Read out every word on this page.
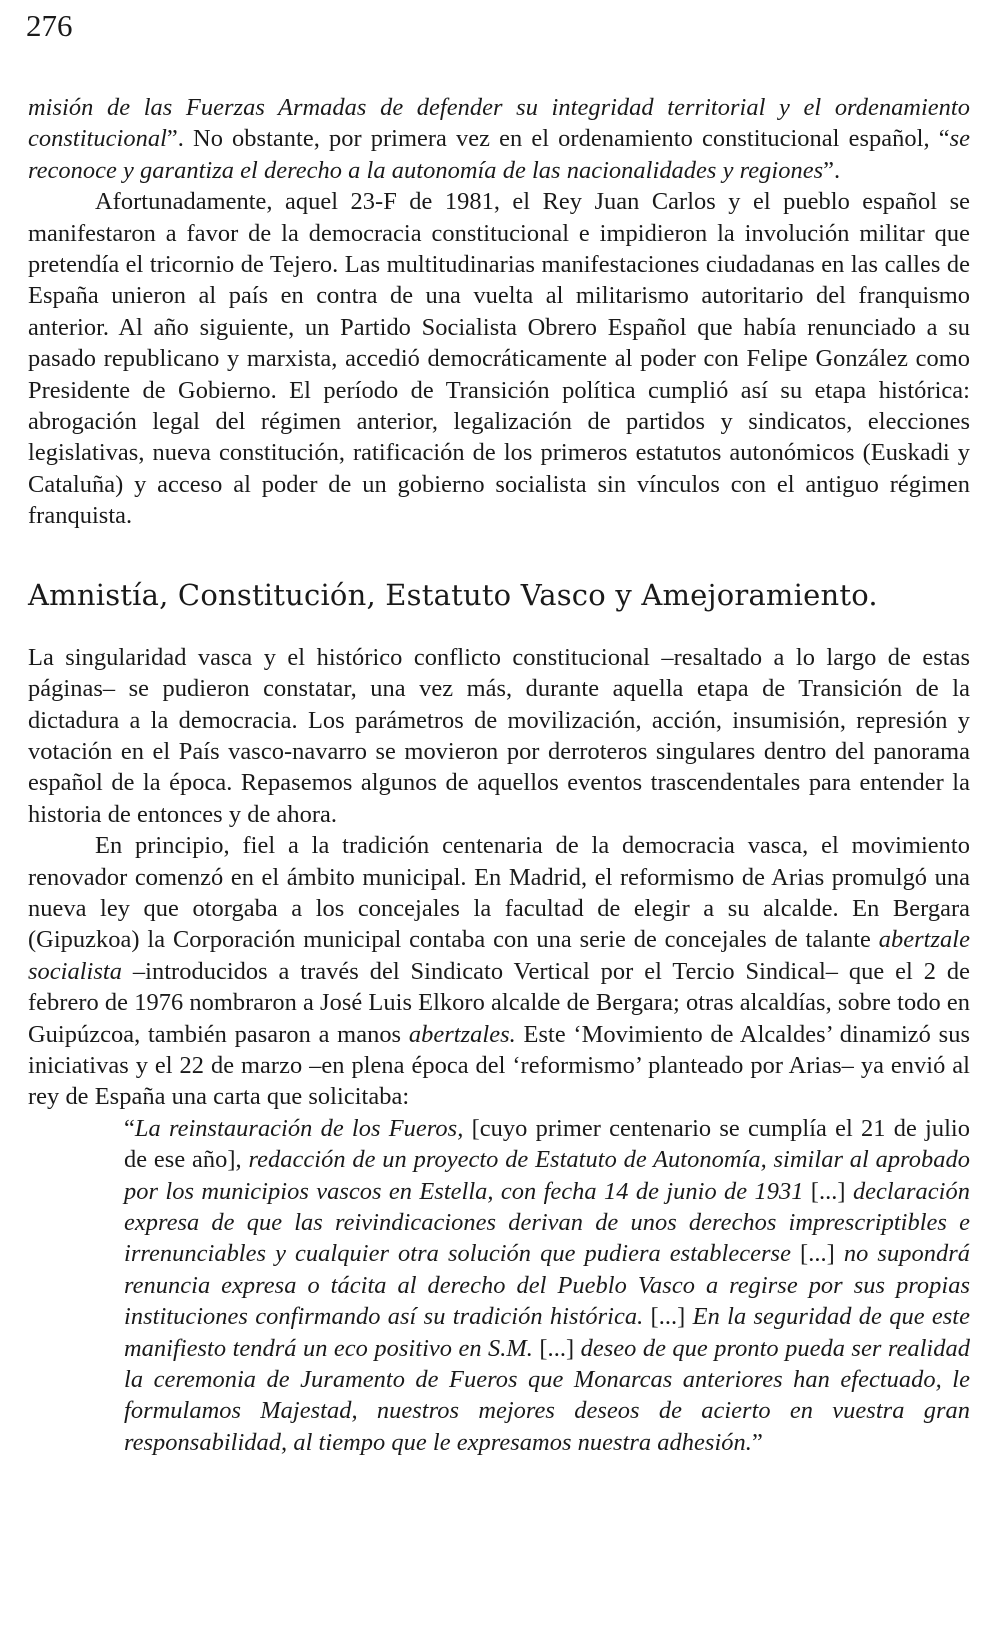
276

misión de las Fuerzas Armadas de defender su integridad territorial y el ordenamiento constitucional”. No obstante, por primera vez en el ordenamiento constitucional español, “se reconoce y garantiza el derecho a la autonomía de las nacionalidades y regiones”.

Afortunadamente, aquel 23-F de 1981, el Rey Juan Carlos y el pueblo español se manifestaron a favor de la democracia constitucional e impidieron la involución militar que pretendía el tricornio de Tejero. Las multitudinarias manifestaciones ciudadanas en las calles de España unieron al país en contra de una vuelta al militarismo autoritario del franquismo anterior. Al año siguiente, un Partido Socialista Obrero Español que había renunciado a su pasado republicano y marxista, accedió democráticamente al poder con Felipe González como Presidente de Gobierno. El período de Transición política cumplió así su etapa histórica: abrogación legal del régimen anterior, legalización de partidos y sindicatos, elecciones legislativas, nueva constitución, ratificación de los primeros estatutos autonómicos (Euskadi y Cataluña) y acceso al poder de un gobierno socialista sin vínculos con el antiguo régimen franquista.

Amnistía, Constitución, Estatuto Vasco y Amejoramiento.

La singularidad vasca y el histórico conflicto constitucional –resaltado a lo largo de estas páginas– se pudieron constatar, una vez más, durante aquella etapa de Transición de la dictadura a la democracia. Los parámetros de movilización, acción, insumisión, represión y votación en el País vasco-navarro se movieron por derroteros singulares dentro del panorama español de la época. Repasemos algunos de aquellos eventos trascendentales para entender la historia de entonces y de ahora.

En principio, fiel a la tradición centenaria de la democracia vasca, el movimiento renovador comenzó en el ámbito municipal. En Madrid, el reformismo de Arias promulgó una nueva ley que otorgaba a los concejales la facultad de elegir a su alcalde. En Bergara (Gipuzkoa) la Corporación municipal contaba con una serie de concejales de talante abertzale socialista –introducidos a través del Sindicato Vertical por el Tercio Sindical– que el 2 de febrero de 1976 nombraron a José Luis Elkoro alcalde de Bergara; otras alcaldías, sobre todo en Guipúzcoa, también pasaron a manos abertzales. Este ‘Movimiento de Alcaldes’ dinamizó sus iniciativas y el 22 de marzo –en plena época del ‘reformismo’ planteado por Arias– ya envió al rey de España una carta que solicitaba:

“La reinstauración de los Fueros, [cuyo primer centenario se cumplía el 21 de julio de ese año], redacción de un proyecto de Estatuto de Autonomía, similar al aprobado por los municipios vascos en Estella, con fecha 14 de junio de 1931 [...] declaración expresa de que las reivindicaciones derivan de unos derechos imprescriptibles e irrenunciables y cualquier otra solución que pudiera establecerse [...] no supondrá renuncia expresa o tácita al derecho del Pueblo Vasco a regirse por sus propias instituciones confirmando así su tradición histórica. [...] En la seguridad de que este manifiesto tendrá un eco positivo en S.M. [...] deseo de que pronto pueda ser realidad la ceremonia de Juramento de Fueros que Monarcas anteriores han efectuado, le formulamos Majestad, nuestros mejores deseos de acierto en vuestra gran responsabilidad, al tiempo que le expresamos nuestra adhesión.”
